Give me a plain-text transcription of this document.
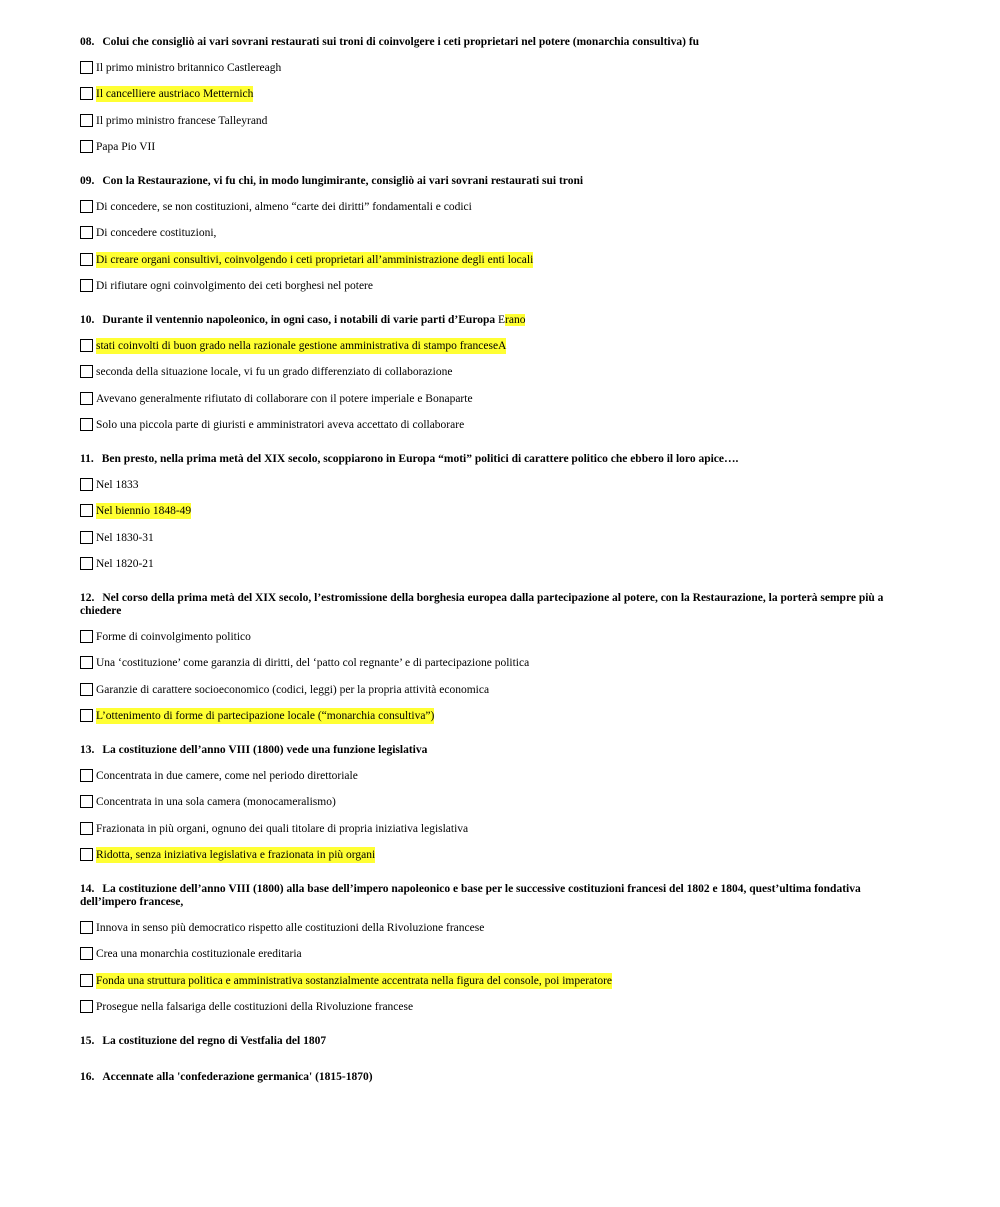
08. Colui che consigliò ai vari sovrani restaurati sui troni di coinvolgere i ceti proprietari nel potere (monarchia consultiva) fu

Il primo ministro britannico Castlereagh
Il cancelliere austriaco Metternich
Il primo ministro francese Talleyrand
Papa Pio VII

09. Con la Restaurazione, vi fu chi, in modo lungimirante, consigliò ai vari sovrani restaurati sui troni

Di concedere, se non costituzioni, almeno “carte dei diritti” fondamentali e codici
Di concedere costituzioni,
Di creare organi consultivi, coinvolgendo i ceti proprietari all’amministrazione degli enti locali
Di rifiutare ogni coinvolgimento dei ceti borghesi nel potere

10. Durante il ventennio napoleonico, in ogni caso, i notabili di varie parti d’Europa Erano

stati coinvolti di buon grado nella razionale gestione amministrativa di stampo franceseA
seconda della situazione locale, vi fu un grado differenziato di collaborazione
Avevano generalmente rifiutato di collaborare con il potere imperiale e Bonaparte
Solo una piccola parte di giuristi e amministratori aveva accettato di collaborare

11. Ben presto, nella prima metà del XIX secolo, scoppiarono in Europa “moti” politici di carattere politico che ebbero il loro apice….

Nel 1833
Nel biennio 1848-49
Nel 1830-31
Nel 1820-21

12. Nel corso della prima metà del XIX secolo, l’estromissione della borghesia europea dalla partecipazione al potere, con la Restaurazione, la porterà sempre più a chiedere

Forme di coinvolgimento politico
Una ‘costituzione’ come garanzia di diritti, del ‘patto col regnante’ e di partecipazione politica
Garanzie di carattere socioeconomico (codici, leggi) per la propria attività economica
L’ottenimento di forme di partecipazione locale (“monarchia consultiva”)

13. La costituzione dell’anno VIII (1800) vede una funzione legislativa

Concentrata in due camere, come nel periodo direttoriale
Concentrata in una sola camera (monocameralismo)
Frazionata in più organi, ognuno dei quali titolare di propria iniziativa legislativa
Ridotta, senza iniziativa legislativa e frazionata in più organi

14. La costituzione dell’anno VIII (1800) alla base dell’impero napoleonico e base per le successive costituzioni francesi del 1802 e 1804, quest’ultima fondativa dell’impero francese,

Innova in senso più democratico rispetto alle costituzioni della Rivoluzione francese
Crea una monarchia costituzionale ereditaria
Fonda una struttura politica e amministrativa sostanzialmente accentrata nella figura del console, poi imperatore
Prosegue nella falsariga delle costituzioni della Rivoluzione francese

15. La costituzione del regno di Vestfalia del 1807

16. Accennate alla 'confederazione germanica' (1815-1870)
